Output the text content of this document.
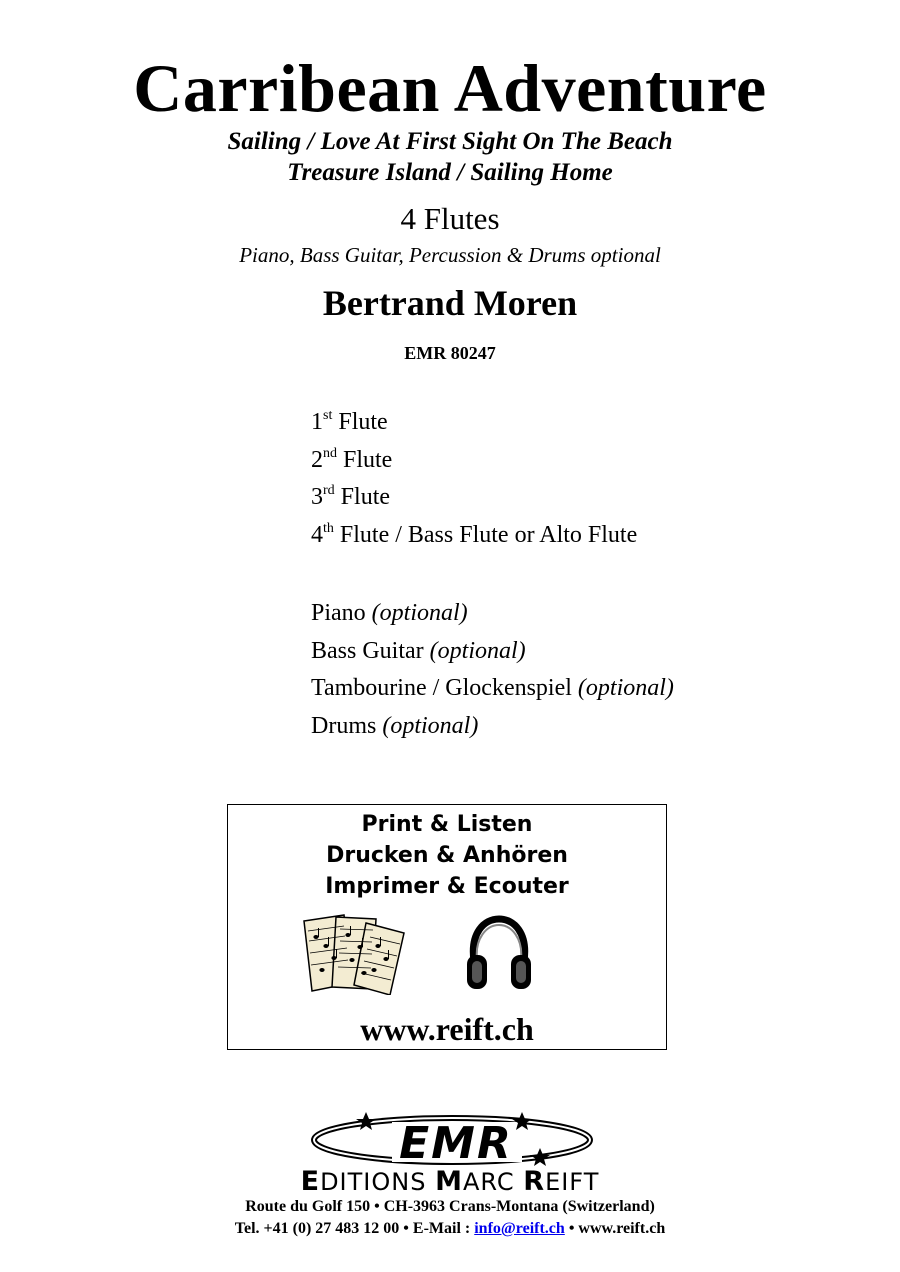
Carribean Adventure
Sailing / Love At First Sight On The Beach
Treasure Island / Sailing Home
4 Flutes
Piano, Bass Guitar, Percussion & Drums optional
Bertrand Moren
EMR 80247
1st Flute
2nd Flute
3rd Flute
4th Flute / Bass Flute or Alto Flute
Piano (optional)
Bass Guitar (optional)
Tambourine / Glockenspiel (optional)
Drums (optional)
Print & Listen
Drucken & Anhören
Imprimer & Ecouter
www.reift.ch
EMR
EDITIONS MARC REIFT
Route du Golf 150 • CH-3963 Crans-Montana (Switzerland)
Tel. +41 (0) 27 483 12 00 • E-Mail : info@reift.ch • www.reift.ch
